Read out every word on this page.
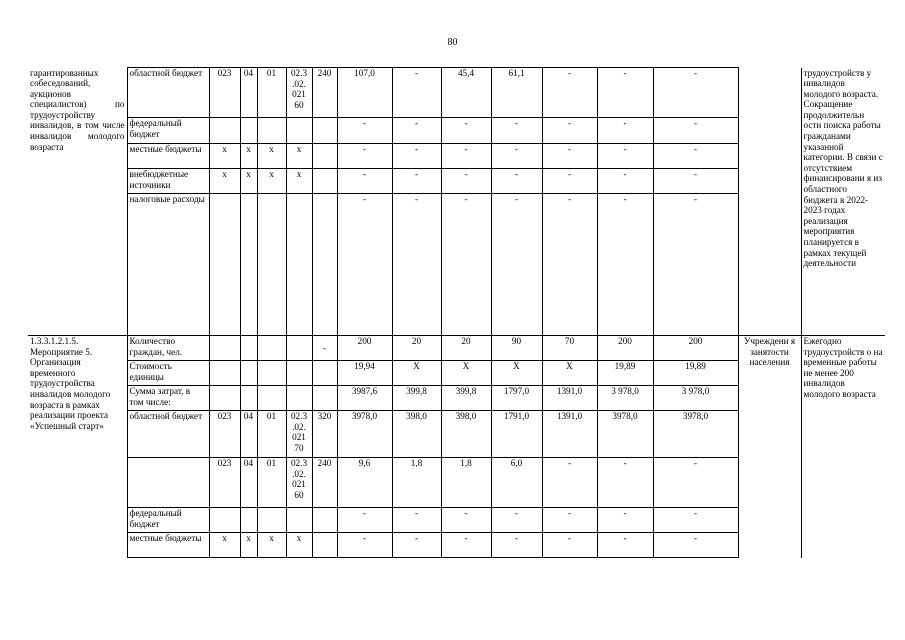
80
гарантированных собеседований, аукционов специалистов) по трудоустройству инвалидов, в том числе инвалидов молодого возраста	областной бюджет	023	04	01	02.3 .02. 021 60	240	107,0	-	45,4	61,1	-	-	-		трудоустройств у инвалидов молодого возраста. Сокращение продолжительн ости поиска работы гражданами указанной категории. В связи с отсутствием финансировани я из областного бюджета в 2022-2023 годах реализация мероприятия планируется в рамках текущей деятельности
	федеральный бюджет						-	-	-	-	-	-	-		
	местные бюджеты	х	х	х	х		-	-	-	-	-	-	-		
	внебюджетные источники	х	х	х	х		-	-	-	-	-	-	-		
	налоговые расходы						-	-	-	-	-	-	-		
1.3.3.1.2.1.5. Мероприятие 5. Организация временного трудоустройства инвалидов молодого возраста в рамках реализации проекта «Успешный старт»	Количество граждан, чел.					-	200	20	20	90	70	200	200	Учреждени я занятости населения	Ежегодно трудоустройств о на временные работы не менее 200 инвалидов молодого возраста
	Стоимость единицы						19,94	Х	Х	Х	Х	19,89	19,89		
	Сумма затрат, в том числе:						3987,6	399,8	399,8	1797,0	1391,0	3 978,0	3 978,0		
	областной бюджет	023	04	01	02.3 .02. 021 70	320	3978,0	398,0	398,0	1791,0	1391,0	3978,0	3978,0		
		023	04	01	02.3 .02. 021 60	240	9,6	1,8	1,8	6,0	-	-	-		
	федеральный бюджет						-	-	-	-	-	-	-		
	местные бюджеты	х	х	х	х		-	-	-	-	-	-	-		
